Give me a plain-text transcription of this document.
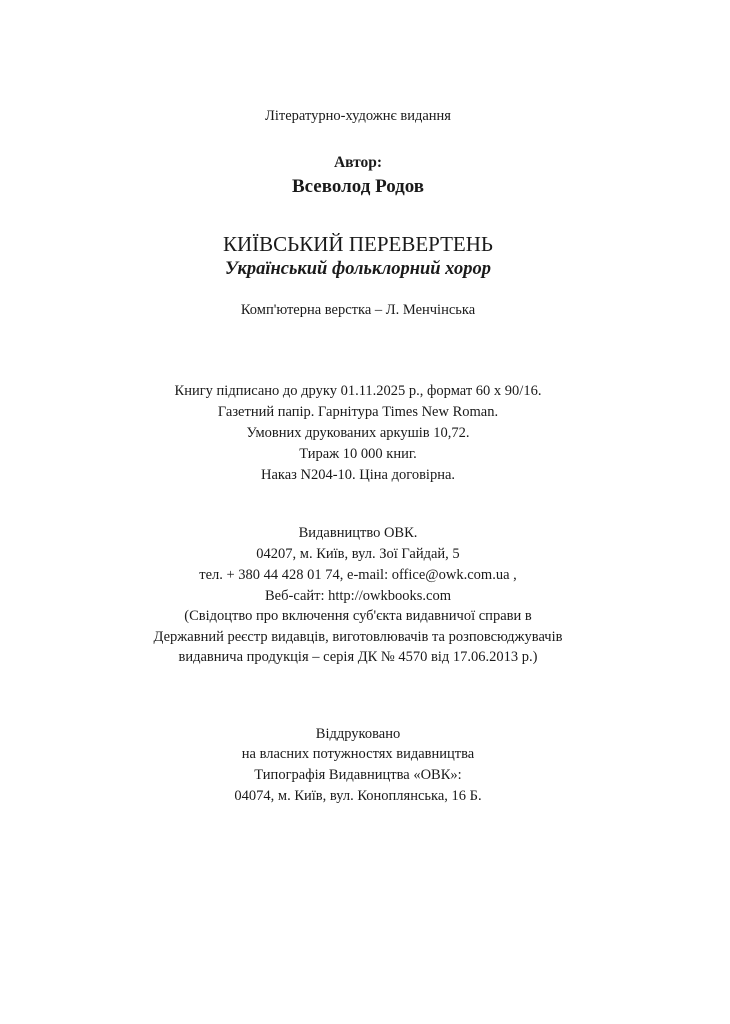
Літературно-художнє видання
Автор:
Всеволод Родов
КИЇВСЬКИЙ ПЕРЕВЕРТЕНЬ
Український фольклорний хорор
Комп'ютерна верстка – Л. Менчінська
Книгу підписано до друку 01.11.2025 р., формат 60 х 90/16.
Газетний папір. Гарнітура Times New Roman.
Умовних друкованих аркушів 10,72.
Тираж 10 000 книг.
Наказ N204-10. Ціна договірна.
Видавництво ОВК.
04207, м. Київ, вул. Зої Гайдай, 5
тел. + 380 44 428 01 74, e-mail: office@owk.com.ua ,
Веб-сайт: http://owkbooks.com
(Свідоцтво про включення суб'єкта видавничої справи в
Державний реєстр видавців, виготовлювачів та розповсюджувачів
видавнича продукція – серія ДК № 4570 від 17.06.2013 р.)
Віддруковано
на власних потужностях видавництва
Типографія Видавництва «ОВК»:
04074, м. Київ, вул. Коноплянська, 16 Б.
